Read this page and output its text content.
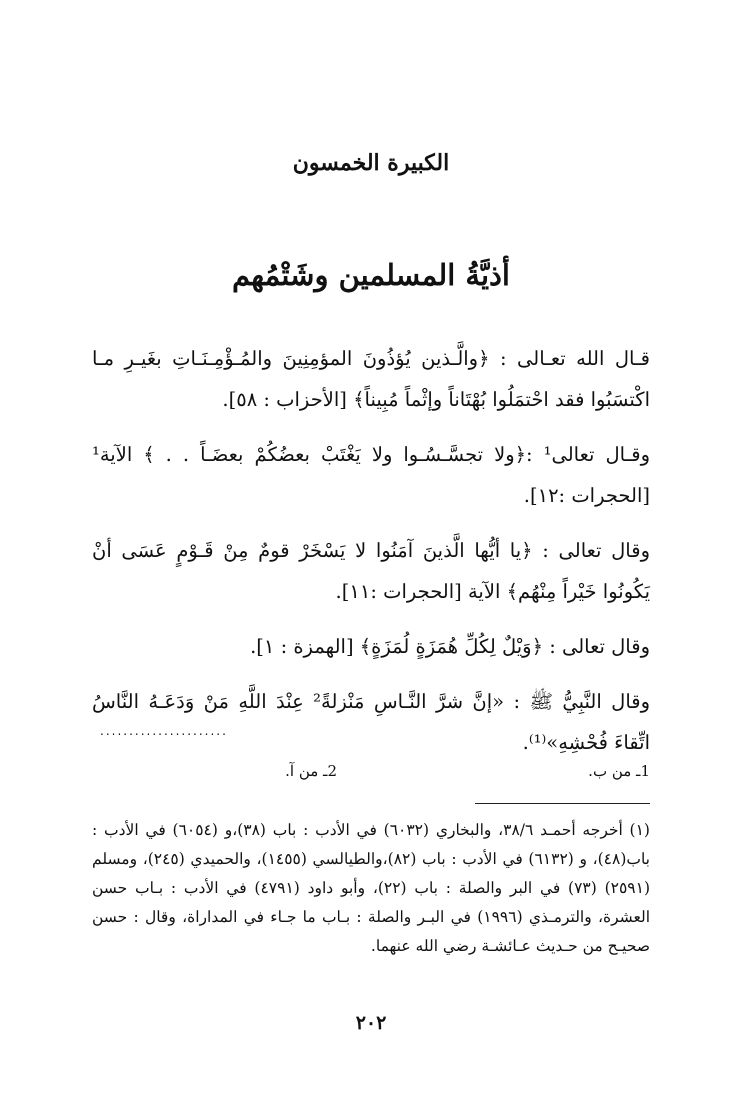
الكبيرة الخمسون
أذيَّةُ المسلمين وشَتْمُهم

قـال الله تعـالى : ﴿والَّـذين يُؤذُونَ المؤمِنِينَ والمُـؤْمِـنَـاتِ بغَيـرِ مـا اكْتسَبُوا فقد احْتمَلُوا بُهْتَاناً وإثْماً مُبِيناً﴾ [الأحزاب : ٥٨].

وقـال تعالى¹ :﴿ولا تجسَّـسُـوا ولا يَغْتَبْ بعضُكُمْ بعضَـاً . . ﴾ الآية¹ [الحجرات :١٢].

وقال تعالى : ﴿يا أيُّها الَّذينَ آمَنُوا لا يَسْخَرْ قومٌ مِنْ قَـوْمٍ عَسَى أنْ يَكُونُوا خَيْراً مِنْهُم﴾ الآية [الحجرات :١١].

وقال تعالى : ﴿وَيْلٌ لِكُلِّ هُمَزَةٍ لُمَزَةٍ﴾ [الهمزة : ١].

وقال النَّبِيُّ ﷺ : «إنَّ شرَّ النَّـاسِ مَنْزلةً² عِنْدَ اللَّهِ مَنْ وَدَعَـهُ النَّاسُ اتِّقاءَ فُحْشِهِ»⁽¹⁾.

......................
1ـ من ب.
2ـ من آ.
(١) أخرجه أحمـد ٣٨/٦، والبخاري (٦٠٣٢) في الأدب : باب (٣٨)،و (٦٠٥٤) في الأدب : باب(٤٨)، و (٦١٣٢) في الأدب : باب (٨٢)،والطيالسي (١٤٥٥)، والحميدي (٢٤٥)، ومسلم (٢٥٩١) (٧٣) في البر والصلة : باب (٢٢)، وأبو داود (٤٧٩١) في الأدب : بـاب حسن العشرة، والترمـذي (١٩٩٦) في البـر والصلة : بـاب ما جـاء في المداراة، وقال : حسن صحيـح من حـديث عـائشـة رضي الله عنهما.
٢٠٢
